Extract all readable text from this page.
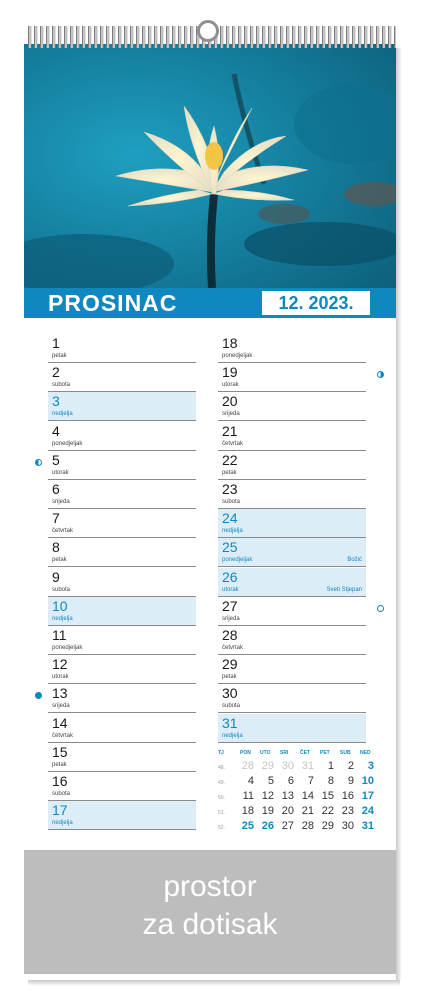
PROSINAC	12. 2023.
1
petak
2
subota
3
nedjelja
4
ponedjeljak
5
utorak
6
srijeda
7
četvrtak
8
petak
9
subota
10
nedjelja
11
ponedjeljak
12
utorak
13
srijeda
14
četvrtak
15
petak
16
subota
17
nedjelja
18
ponedjeljak
19
utorak
20
srijeda
21
četvrtak
22
petak
23
subota
24
nedjelja
25
ponedjeljak	Božić
26
utorak	Sveti Stjepan
27
srijeda
28
četvrtak
29
petak
30
subota
31
nedjelja
TJ	PON UTO SRI ČET PET SUB NED
48.	28 29 30 31	1	2	3
49.	4	5	6	7	8	9 10
50.	11 12 13 14 15 16 17
51.	18 19 20 21 22 23 24
52.	25 26 27 28 29 30 31
prostor
za dotisak
